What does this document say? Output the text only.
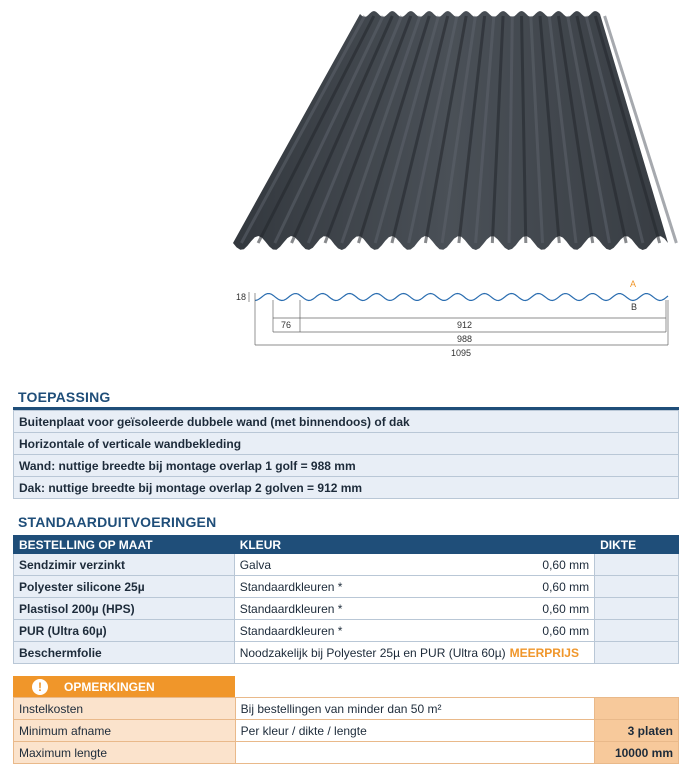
18
A
B
76	912
988
1095
TOEPASSING
Buitenplaat voor geïsoleerde dubbele wand (met binnendoos) of dak
Horizontale of verticale wandbekleding
Wand: nuttige breedte bij montage overlap 1 golf = 988 mm
Dak: nuttige breedte bij montage overlap 2 golven = 912 mm
STANDAARDUITVOERINGEN
BESTELLING OP MAAT	KLEUR	DIKTE
Sendzimir verzinkt	Galva 0,60 mm	

Polyester silicone 25µ	Standaardkleuren * 0,60 mm	

Plastisol 200µ (HPS)	Standaardkleuren * 0,60 mm	

PUR (Ultra 60µ)	Standaardkleuren * 0,60 mm	

Beschermfolie	Noodzakelijk bij Polyester 25µ en PUR (Ultra 60µ) MEERPRIJS	
!	OPMERKINGEN
Instelkosten	Bij bestellingen van minder dan 50 m²	
Minimum afname	Per kleur / dikte / lengte	3 platen
Maximum lengte		10000 mm
